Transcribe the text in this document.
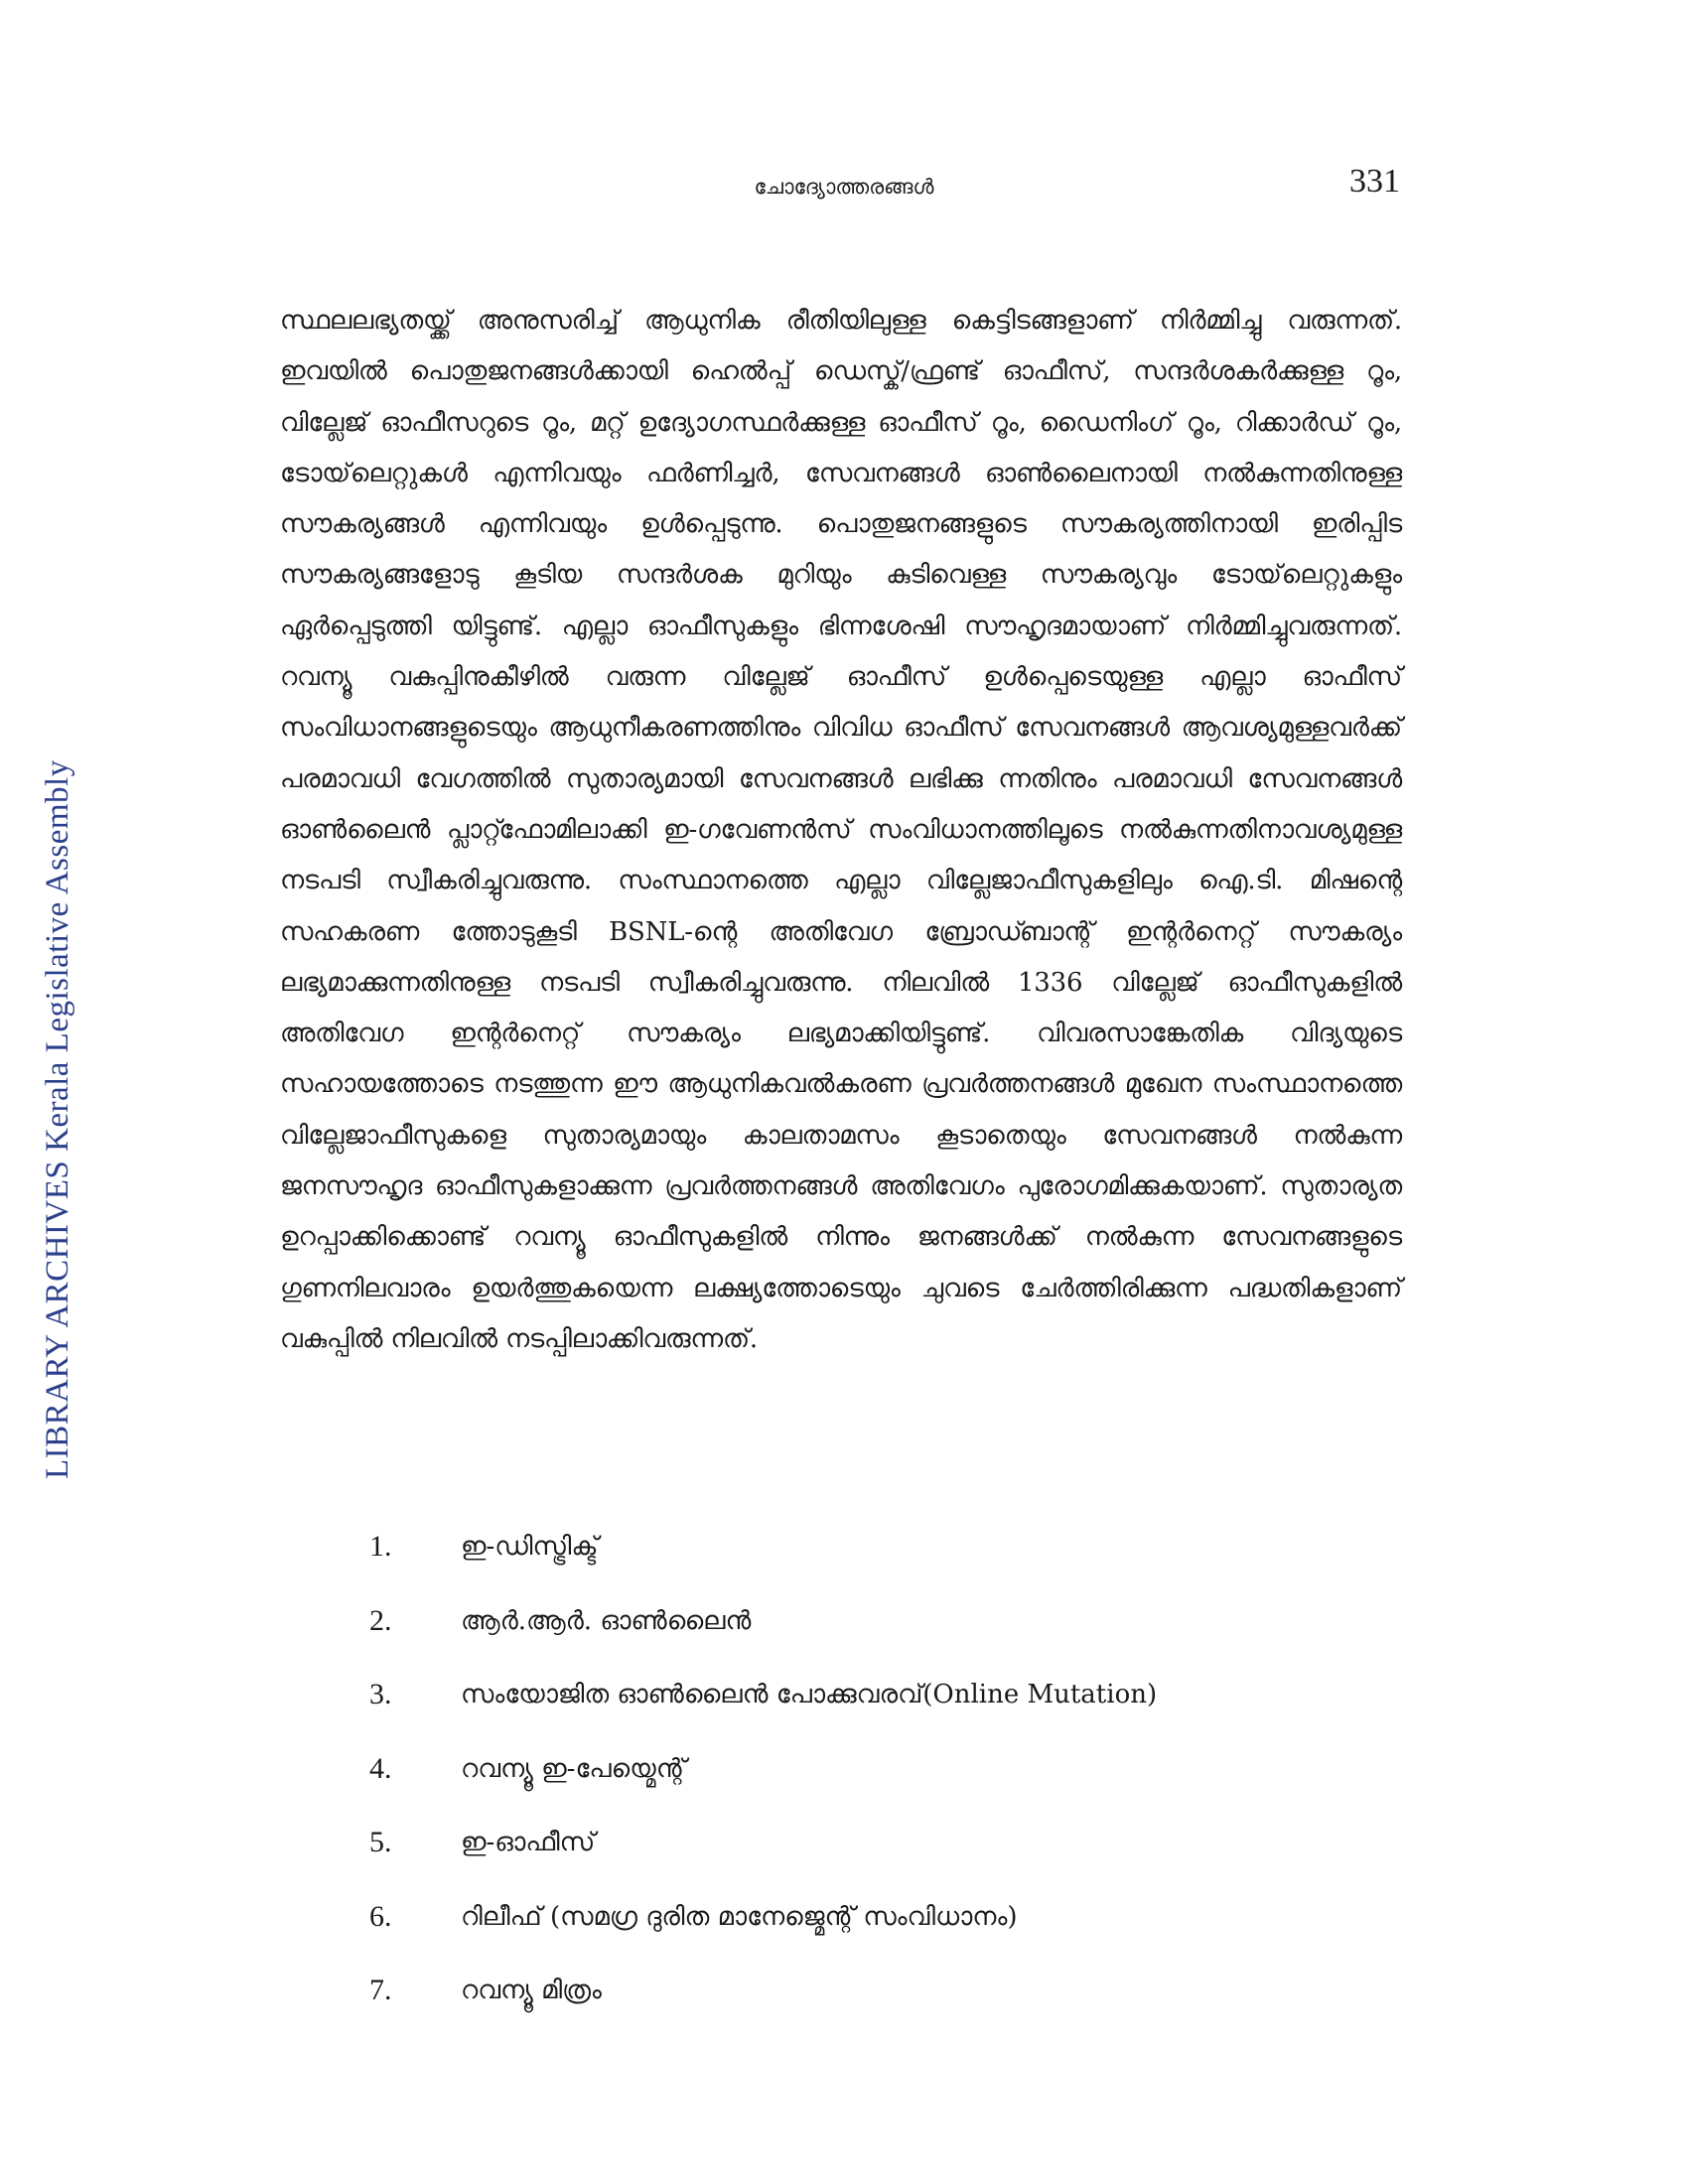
LIBRARY ARCHIVES Kerala Legislative Assembly
ചോദ്യോത്തരങ്ങൾ	331

സ്ഥലലഭ്യതയ്ക്ക് അനുസരിച്ച് ആധുനിക രീതിയിലുള്ള കെട്ടിടങ്ങളാണ് നിർമ്മിച്ചു വരുന്നത്. ഇവയിൽ പൊതുജനങ്ങൾക്കായി ഹെൽപ്പ് ഡെസ്ക്/ഫ്രണ്ട് ഓഫീസ്, സന്ദർശകർക്കുള്ള റൂം, വില്ലേജ് ഓഫീസറുടെ റൂം, മറ്റ് ഉദ്യോഗസ്ഥർക്കുള്ള ഓഫീസ് റൂം, ഡൈനിംഗ് റൂം, റിക്കാർഡ് റൂം, ടോയ്‌ലെറ്റുകൾ എന്നിവയും ഫർണിച്ചർ, സേവനങ്ങൾ ഓൺലൈനായി നൽകുന്നതിനുള്ള സൗകര്യങ്ങൾ എന്നിവയും ഉൾപ്പെടുന്നു. പൊതുജനങ്ങളുടെ സൗകര്യത്തിനായി ഇരിപ്പിട സൗകര്യങ്ങളോടു കൂടിയ സന്ദർശക മുറിയും കുടിവെള്ള സൗകര്യവും ടോയ്‌ലെറ്റുകളും ഏർപ്പെടുത്തി യിട്ടുണ്ട്. എല്ലാ ഓഫീസുകളും ഭിന്നശേഷി സൗഹൃദമായാണ് നിർമ്മിച്ചുവരുന്നത്. റവന്യൂ വകുപ്പിനുകീഴിൽ വരുന്ന വില്ലേജ് ഓഫീസ് ഉൾപ്പെടെയുള്ള എല്ലാ ഓഫീസ് സംവിധാനങ്ങളുടെയും ആധുനീകരണത്തിനും വിവിധ ഓഫീസ് സേവനങ്ങൾ ആവശ്യമുള്ളവർക്ക് പരമാവധി വേഗത്തിൽ സുതാര്യമായി സേവനങ്ങൾ ലഭിക്കു ന്നതിനും പരമാവധി സേവനങ്ങൾ ഓൺലൈൻ പ്ലാറ്റ്ഫോമിലാക്കി ഇ-ഗവേണൻസ് സംവിധാനത്തിലൂടെ നൽകുന്നതിനാവശ്യമുള്ള നടപടി സ്വീകരിച്ചുവരുന്നു. സംസ്ഥാനത്തെ എല്ലാ വില്ലേജാഫീസുകളിലും ഐ.ടി. മിഷന്റെ സഹകരണ ത്തോടുകൂടി BSNL-ന്റെ അതിവേഗ ബ്രോഡ്ബാന്റ് ഇന്റർനെറ്റ് സൗകര്യം ലഭ്യമാക്കുന്നതിനുള്ള നടപടി സ്വീകരിച്ചുവരുന്നു. നിലവിൽ 1336 വില്ലേജ് ഓഫീസുകളിൽ അതിവേഗ ഇന്റർനെറ്റ് സൗകര്യം ലഭ്യമാക്കിയിട്ടുണ്ട്. വിവരസാങ്കേതിക വിദ്യയുടെ സഹായത്തോടെ നടത്തുന്ന ഈ ആധുനികവൽകരണ പ്രവർത്തനങ്ങൾ മുഖേന സംസ്ഥാനത്തെ വില്ലേജാഫീസുകളെ സുതാര്യമായും കാലതാമസം കൂടാതെയും സേവനങ്ങൾ നൽകുന്ന ജനസൗഹൃദ ഓഫീസുകളാക്കുന്ന പ്രവർത്തനങ്ങൾ അതിവേഗം പുരോഗമിക്കുകയാണ്. സുതാര്യത ഉറപ്പാക്കിക്കൊണ്ട് റവന്യൂ ഓഫീസുകളിൽ നിന്നും ജനങ്ങൾക്ക് നൽകുന്ന സേവനങ്ങളുടെ ഗുണനിലവാരം ഉയർത്തുകയെന്ന ലക്ഷ്യത്തോടെയും ചുവടെ ചേർത്തിരിക്കുന്ന പദ്ധതികളാണ് വകുപ്പിൽ നിലവിൽ നടപ്പിലാക്കിവരുന്നത്.

1.	ഇ-ഡിസ്ട്രിക്ട്
2.	ആർ.ആർ. ഓൺലൈൻ
3.	സംയോജിത ഓൺലൈൻ പോക്കുവരവ്(Online Mutation)
4.	റവന്യൂ ഇ-പേയ്മെന്റ്
5.	ഇ-ഓഫീസ്
6.	റിലീഫ് (സമഗ്ര ദുരിത മാനേജ്മെന്റ് സംവിധാനം)
7.	റവന്യൂ മിത്രം
